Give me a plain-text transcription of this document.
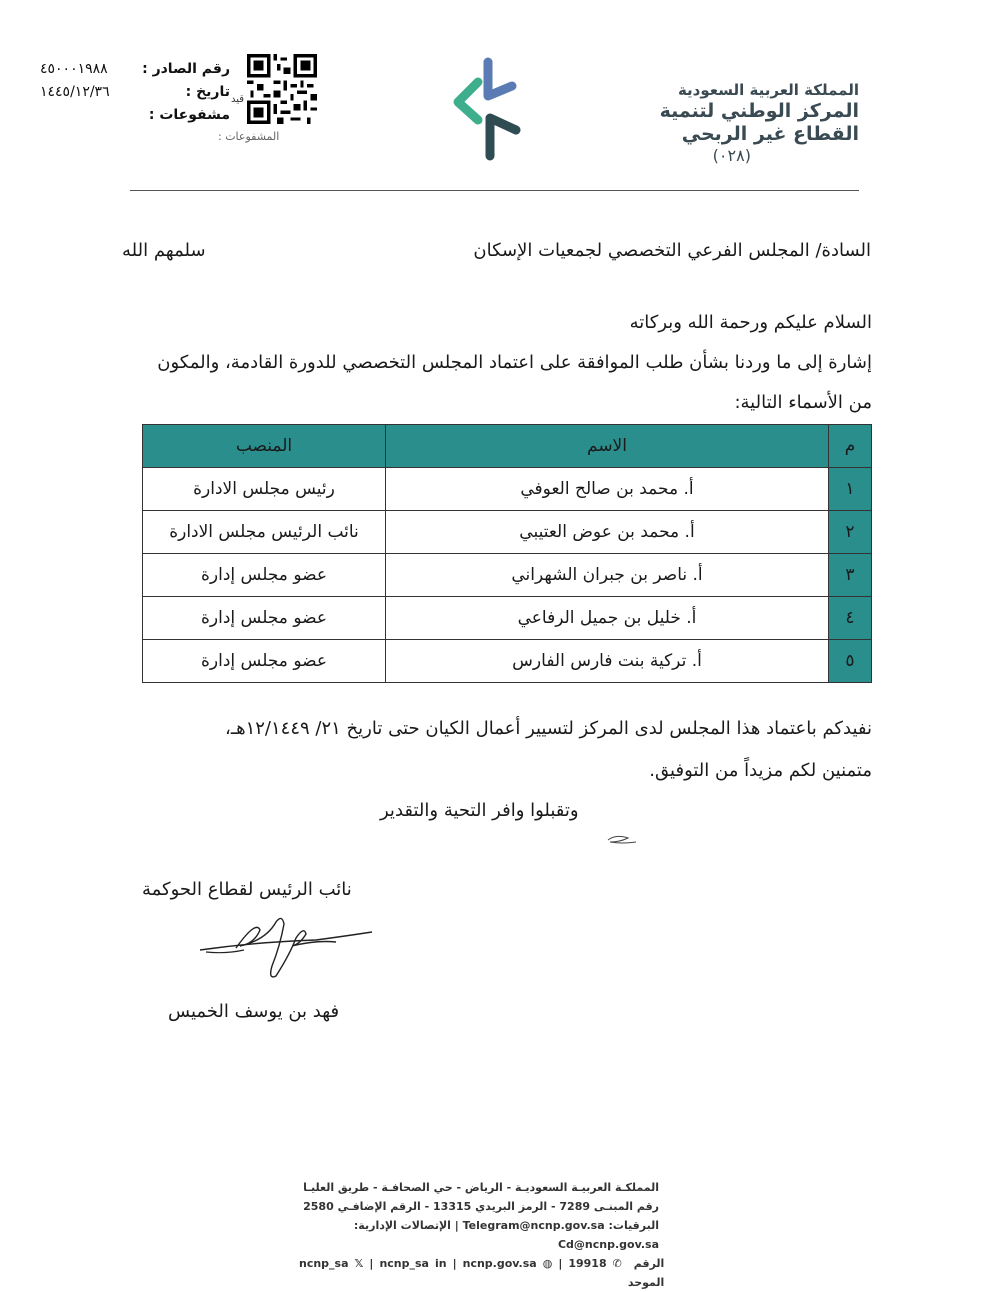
المملكة العربية السعودية
المركز الوطني لتنمية
القطاع غير الربحي
(٠٢٨)
رقم الصادر :
٤٥٠٠٠١٩٨٨
تاريخ :
١٤٤٥/١٢/٣٦
مشفوعات :
قيد
المشفوعات :
السادة/ المجلس الفرعي التخصصي لجمعيات الإسكان
سلمهم الله
السلام عليكم ورحمة الله وبركاته
إشارة إلى ما وردنا بشأن طلب الموافقة على اعتماد المجلس التخصصي للدورة القادمة، والمكون
من الأسماء التالية:
م	الاسم	المنصب
١	أ. محمد بن صالح العوفي	رئيس مجلس الادارة
٢	أ. محمد بن عوض العتيبي	نائب الرئيس مجلس الادارة
٣	أ. ناصر بن جبران الشهراني	عضو مجلس إدارة
٤	أ. خليل بن جميل الرفاعي	عضو مجلس إدارة
٥	أ. تركية بنت فارس الفارس	عضو مجلس إدارة
نفيدكم باعتماد هذا المجلس لدى المركز لتسيير أعمال الكيان حتى تاريخ ٢١/ ١٢/١٤٤٩هـ،
متمنين لكم مزيداً من التوفيق.
وتقبلوا وافر التحية والتقدير
نائب الرئيس لقطاع الحوكمة
فهد بن يوسف الخميس
المملكـة العربيـة السعوديـة - الرياض - حي الصحافـة - طريق العليـا
رقم المبنـى 7289 - الرمز البريدي 13315 - الرقم الإضافـي 2580
البرقيات: Telegram@ncnp.gov.sa | الإتصالات الإدارية: Cd@ncnp.gov.sa
الرقم الموحد
✆
19918
|
◍
ncnp.gov.sa
|
in
ncnp_sa
|
𝕏
ncnp_sa
